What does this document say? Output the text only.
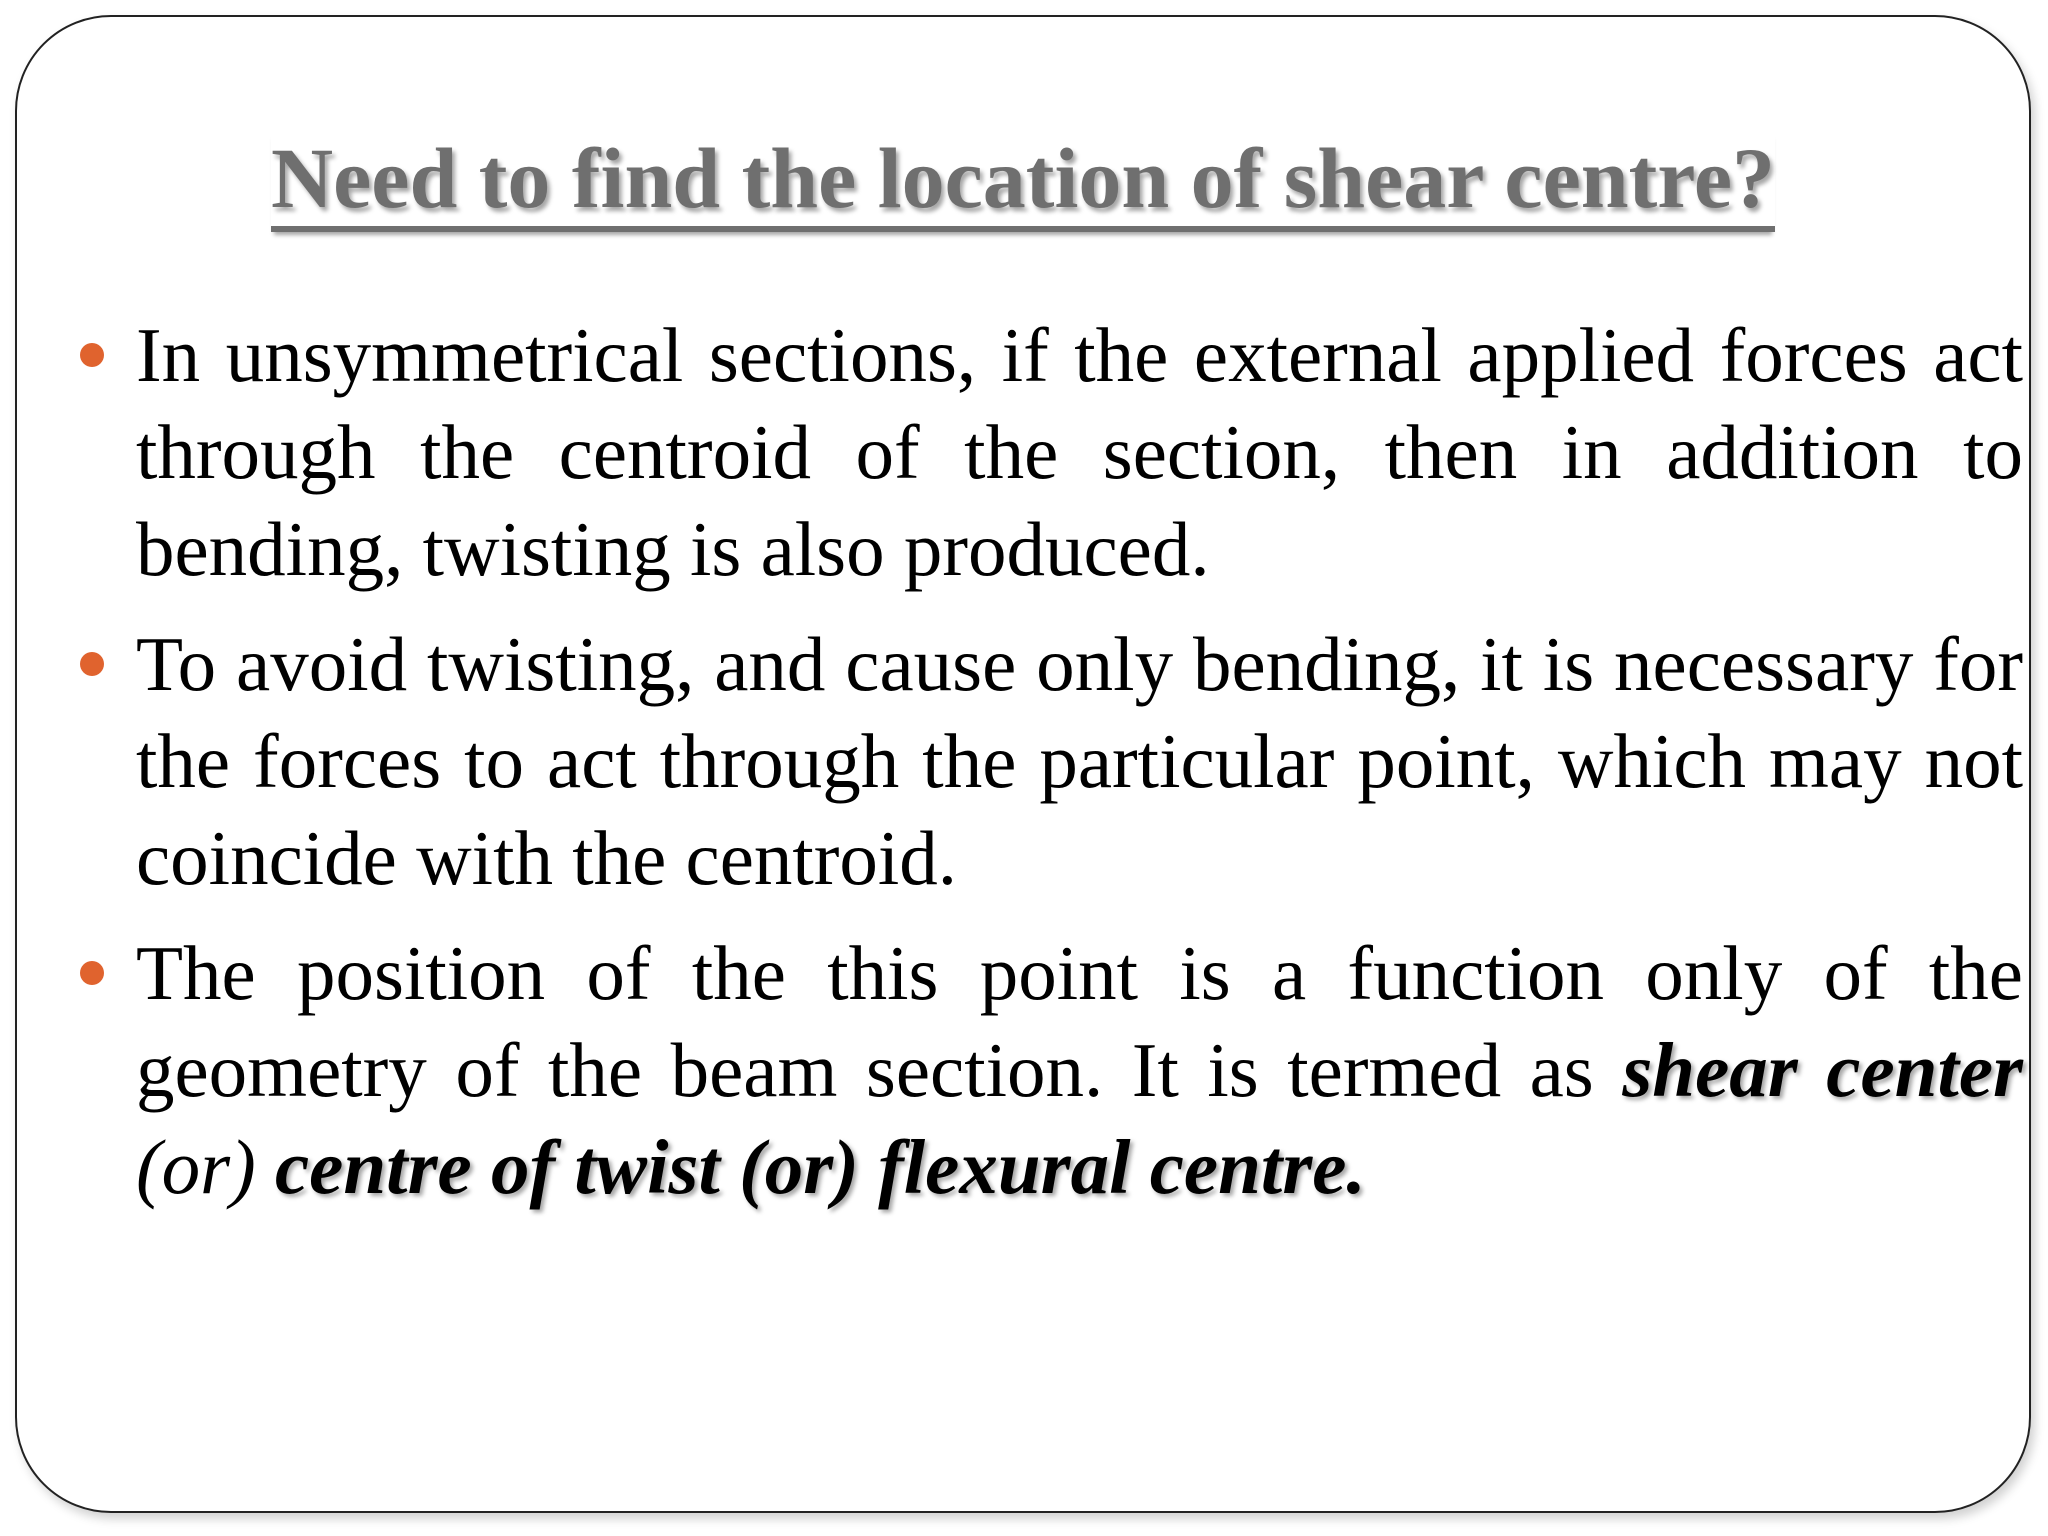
Need to find the location of shear centre?
In unsymmetrical sections, if the external applied forces act through the centroid of the section, then in addition to bending, twisting is also produced.
To avoid twisting, and cause only bending, it is necessary for the forces to act through the particular point, which may not coincide with the centroid.
The position of the this point is a function only of the geometry of the beam section. It is termed as shear center (or) centre of twist (or) flexural centre.
